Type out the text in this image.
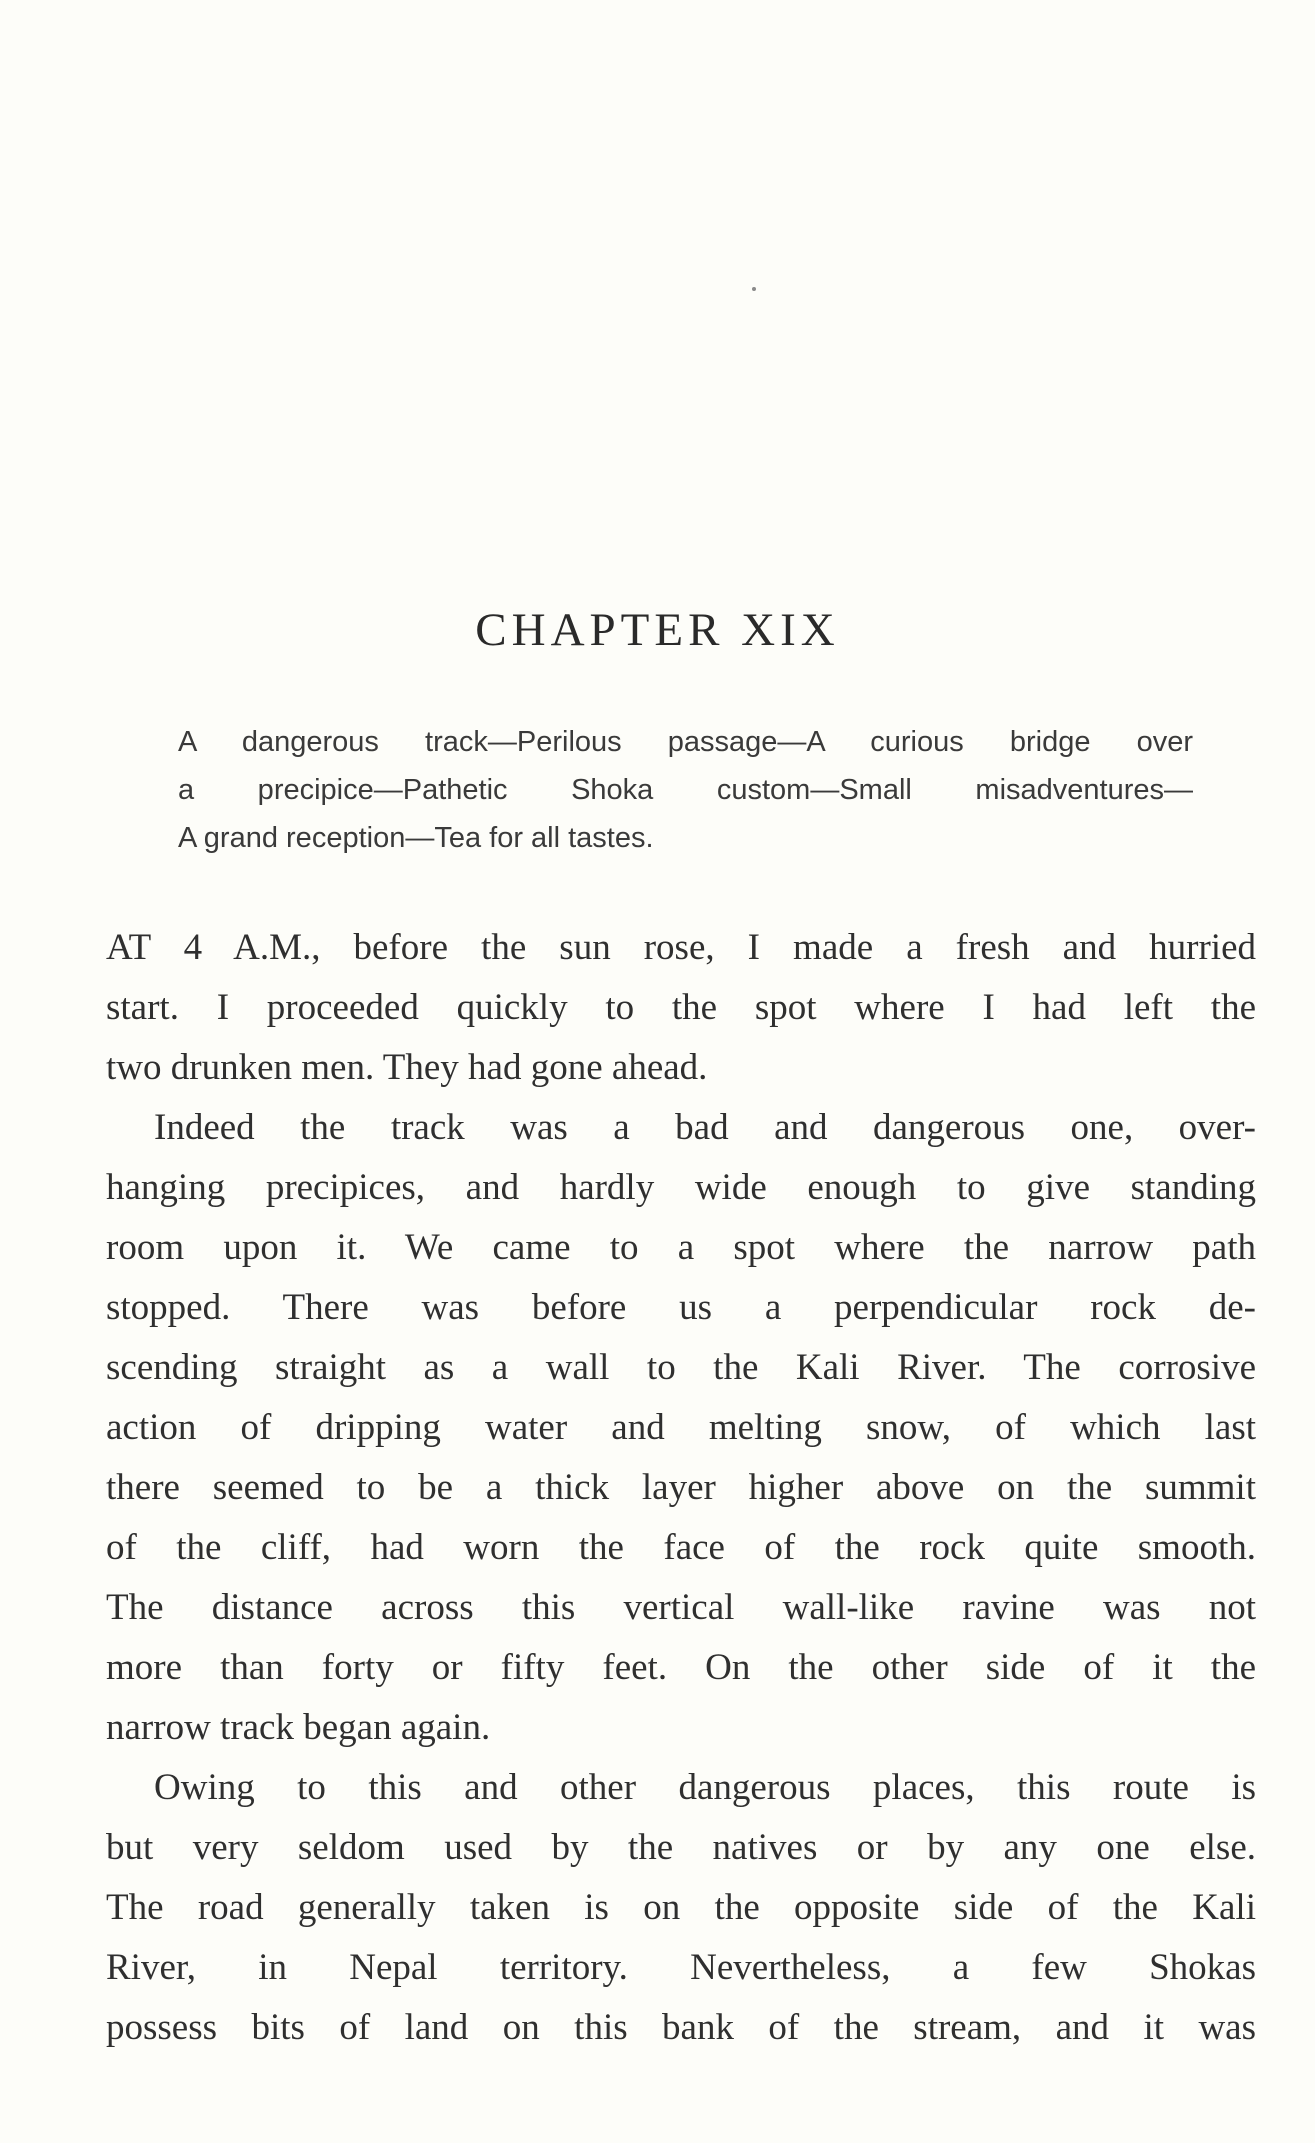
CHAPTER XIX
A dangerous track—Perilous passage—A curious bridge over
a precipice—Pathetic Shoka custom—Small misadventures—
A grand reception—Tea for all tastes.
AT 4 A.M., before the sun rose, I made a fresh and hurried
start. I proceeded quickly to the spot where I had left the
two drunken men. They had gone ahead.
Indeed the track was a bad and dangerous one, over-
hanging precipices, and hardly wide enough to give standing
room upon it. We came to a spot where the narrow path
stopped. There was before us a perpendicular rock de-
scending straight as a wall to the Kali River. The corrosive
action of dripping water and melting snow, of which last
there seemed to be a thick layer higher above on the summit
of the cliff, had worn the face of the rock quite smooth.
The distance across this vertical wall-like ravine was not
more than forty or fifty feet. On the other side of it the
narrow track began again.
Owing to this and other dangerous places, this route is
but very seldom used by the natives or by any one else.
The road generally taken is on the opposite side of the Kali
River, in Nepal territory. Nevertheless, a few Shokas
possess bits of land on this bank of the stream, and it was
